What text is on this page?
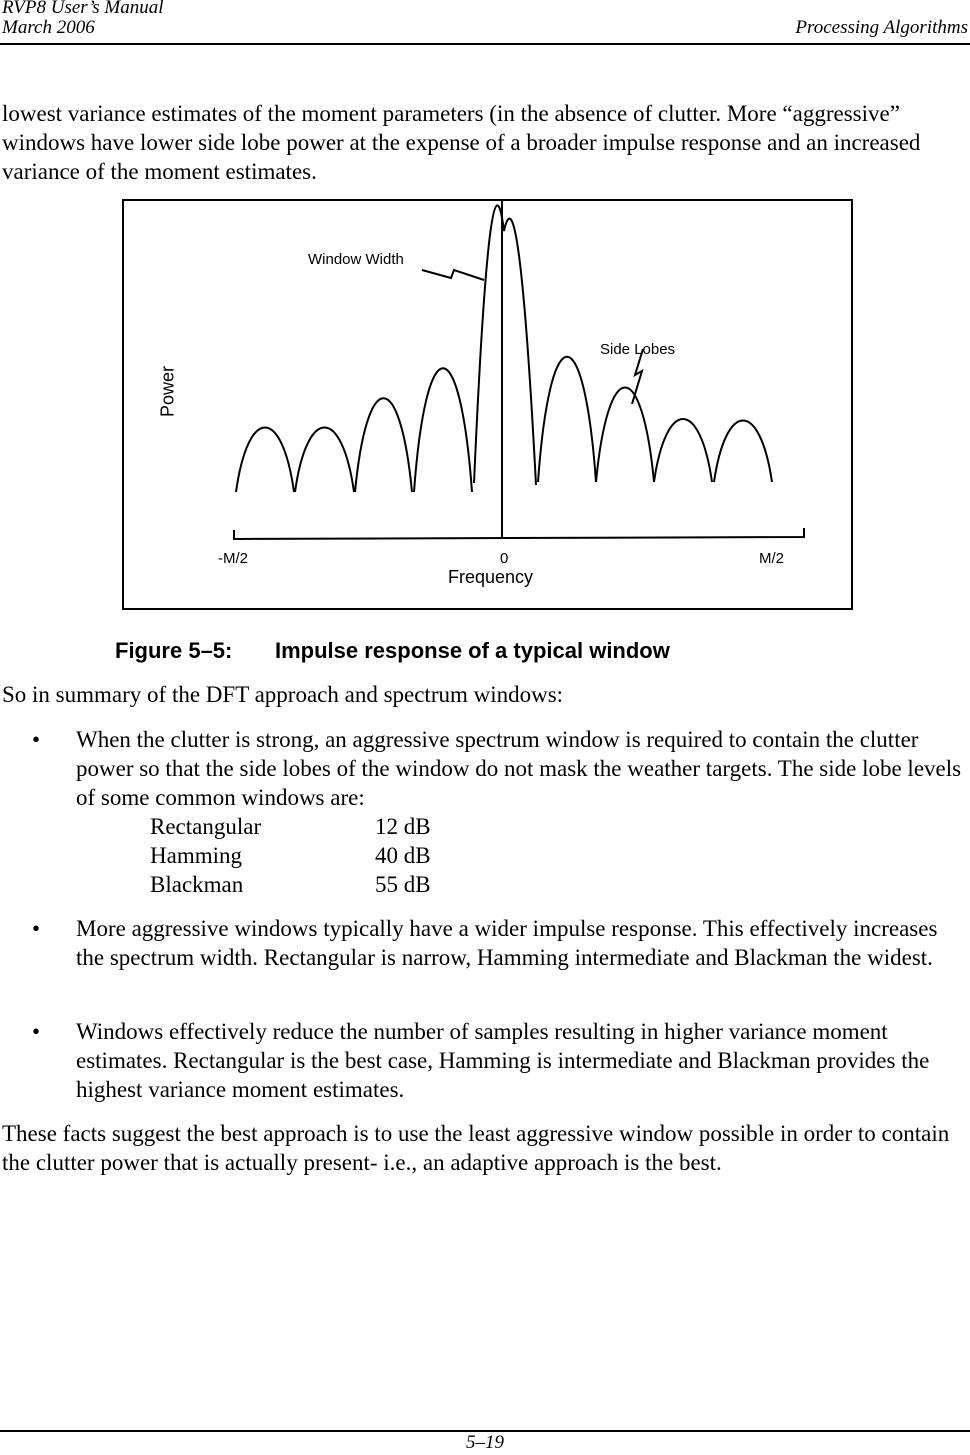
RVP8 User’s Manual
March 2006	Processing Algorithms
lowest variance estimates of the moment parameters (in the absence of clutter. More “aggressive” windows have lower side lobe power at the expense of a broader impulse response and an increased variance of the moment estimates.
Window Width
Side Lobes
Power
-M/2	0	M/2
Frequency
Figure 5–5: Impulse response of a typical window
So in summary of the DFT approach and spectrum windows:
• When the clutter is strong, an aggressive spectrum window is required to contain the clutter power so that the side lobes of the window do not mask the weather targets. The side lobe levels of some common windows are:
Rectangular	12 dB
Hamming	40 dB
Blackman	55 dB
• More aggressive windows typically have a wider impulse response. This effectively increases the spectrum width. Rectangular is narrow, Hamming intermediate and Blackman the widest.
• Windows effectively reduce the number of samples resulting in higher variance moment estimates. Rectangular is the best case, Hamming is intermediate and Blackman provides the highest variance moment estimates.
These facts suggest the best approach is to use the least aggressive window possible in order to contain the clutter power that is actually present- i.e., an adaptive approach is the best.
5–19
